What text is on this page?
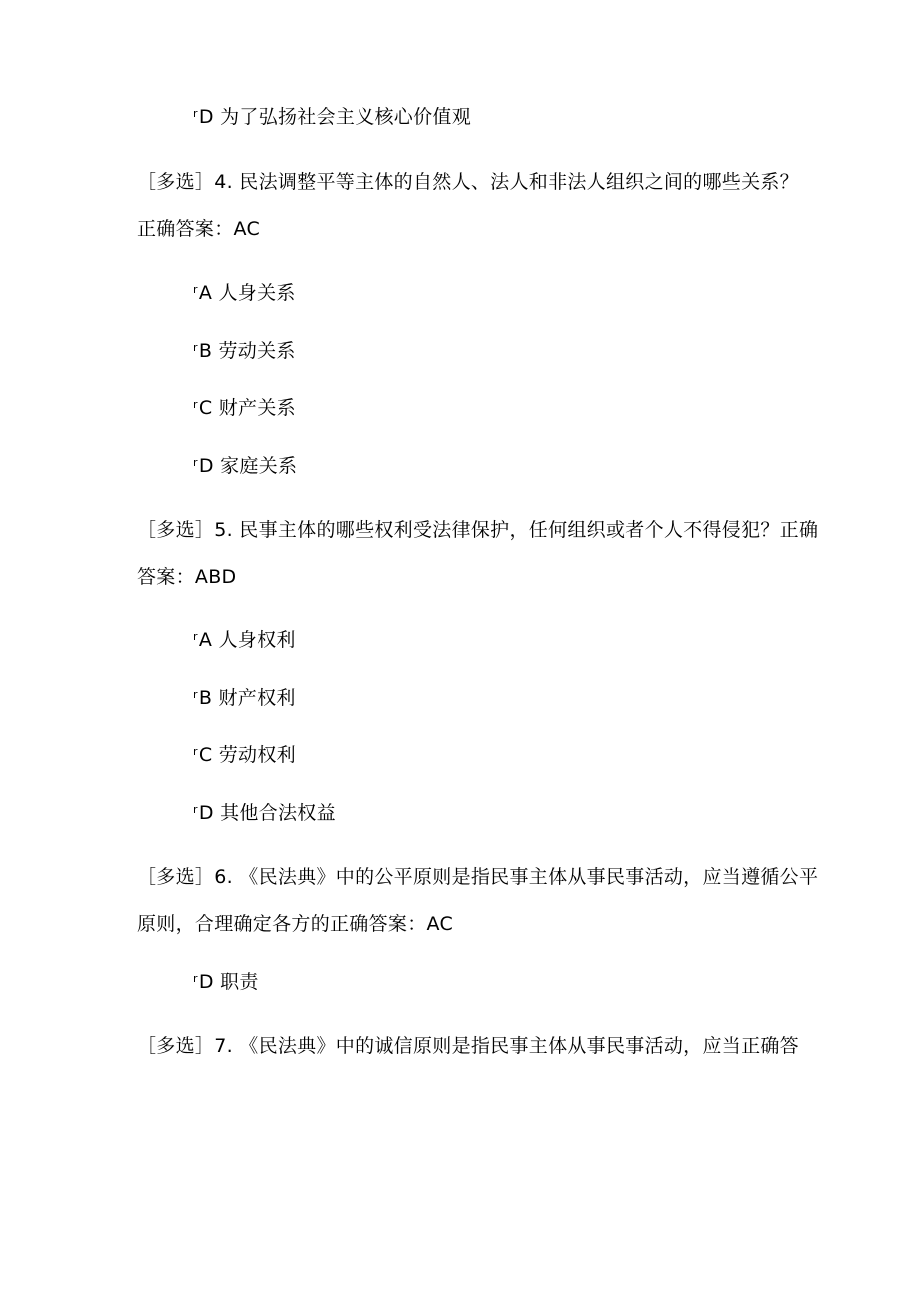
$^r$D 为了弘扬社会主义核心价值观
［多选］4. 民法调整平等主体的自然人、法人和非法人组织之间的哪些关系？
正确答案：AC
$^r$A 人身关系
$^r$B 劳动关系
$^r$C 财产关系
$^r$D 家庭关系
［多选］5. 民事主体的哪些权利受法律保护，任何组织或者个人不得侵犯？正确
答案：ABD
$^r$A 人身权利
$^r$B 财产权利
$^r$C 劳动权利
$^r$D 其他合法权益
［多选］6. 《民法典》中的公平原则是指民事主体从事民事活动，应当遵循公平
原则，合理确定各方的正确答案：AC
$^r$D 职责
［多选］7. 《民法典》中的诚信原则是指民事主体从事民事活动，应当正确答
